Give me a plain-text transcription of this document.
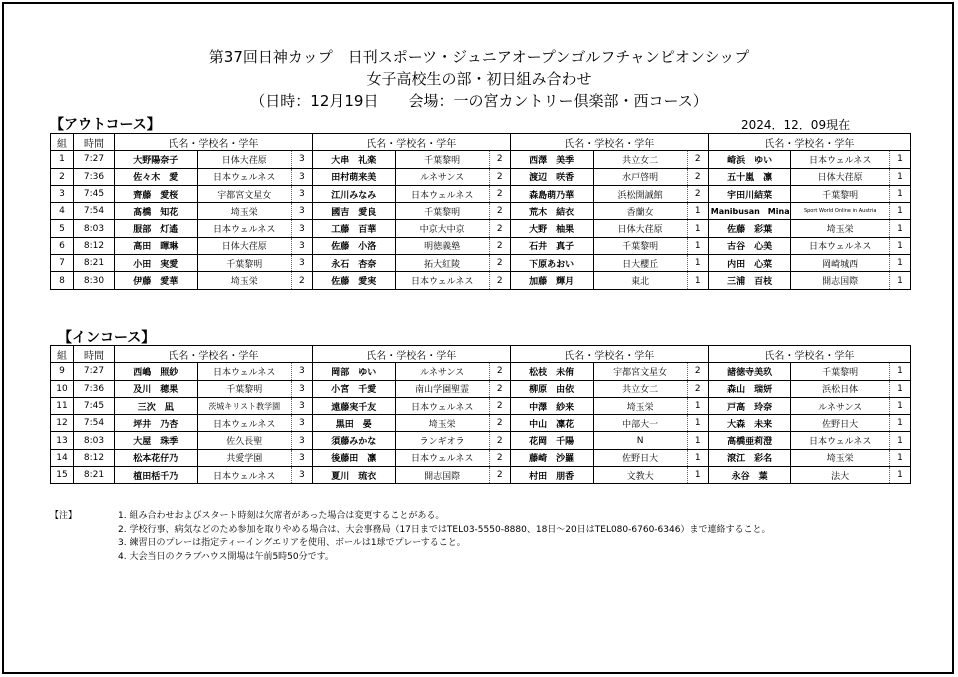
第37回日神カップ　日刊スポーツ・ジュニアオープンゴルフチャンピオンシップ
女子高校生の部・初日組み合わせ
（日時：12月19日　　会場：一の宮カントリー倶楽部・西コース）
【アウトコース】	2024．12．09現在
組	時間	氏名・学校名・学年			氏名・学校名・学年			氏名・学校名・学年			氏名・学校名・学年		
1	7:27	大野陽奈子	日体大荏原	3	大串　礼楽	千葉黎明	2	西澤　美季	共立女二	2	崎浜　ゆい	日本ウェルネス	1
2	7:36	佐々木　愛	日本ウェルネス	3	田村萌来美	ルネサンス	2	渡辺　咲香	水戸啓明	2	五十嵐　凛	日体大荏原	1
3	7:45	齊藤　愛桜	宇都宮文星女	3	江川みなみ	日本ウェルネス	2	森島萌乃華	浜松開誠館	2	宇田川結菜	千葉黎明	1
4	7:54	髙橋　知花	埼玉栄	3	國吉　愛良	千葉黎明	2	荒木　結衣	香蘭女	1	Manibusan　Mina	Sport World Online in Austria	1
5	8:03	服部　灯遙	日本ウェルネス	3	工藤　百華	中京大中京	2	大野　柚果	日体大荏原	1	佐藤　彩葉	埼玉栄	1
6	8:12	高田　暉琳	日体大荏原	3	佐藤　小洛	明徳義塾	2	石井　真子	千葉黎明	1	古谷　心美	日本ウェルネス	1
7	8:21	小田　実愛	千葉黎明	3	永石　杏奈	拓大紅陵	2	下原あおい	日大櫻丘	1	内田　心菜	岡崎城西	1
8	8:30	伊藤　愛華	埼玉栄	2	佐藤　愛実	日本ウェルネス	2	加藤　輝月	東北	1	三浦　百枝	開志国際	1
【インコース】
組	時間	氏名・学校名・学年			氏名・学校名・学年			氏名・学校名・学年			氏名・学校名・学年		
9	7:27	西嶋　照紗	日本ウェルネス	3	岡部　ゆい	ルネサンス	2	松枝　未侑	宇都宮文星女	2	諸徳寺美玖	千葉黎明	1
10	7:36	及川　穂果	千葉黎明	3	小宮　千愛	南山学園聖霊	2	柳原　由依	共立女二	2	森山　瑞妍	浜松日体	1
11	7:45	三次　凪	茨城キリスト教学園	3	遠藤実千友	日本ウェルネス	2	中澤　紗来	埼玉栄	1	戸高　玲奈	ルネサンス	1
12	7:54	坪井　乃杏	日本ウェルネス	3	黒田　晏	埼玉栄	2	中山　凜花	中部大一	1	大森　未来	佐野日大	1
13	8:03	大屋　珠季	佐久長聖	3	須藤みかな	ランギオラ	2	花岡　千陽	N	1	高橋亜莉澄	日本ウェルネス	1
14	8:12	松本花仔乃	共愛学園	3	後藤田　凛	日本ウェルネス	2	藤崎　沙羅	佐野日大	1	滾江　彩名	埼玉栄	1
15	8:21	植田栝千乃	日本ウェルネス	3	夏川　琉衣	開志国際	2	村田　朋香	文教大	1	永谷　葉	法大	1
【注】	1. 組み合わせおよびスタート時刻は欠席者があった場合は変更することがある。
2. 学校行事、病気などのため参加を取りやめる場合は、大会事務局（17日まではTEL03-5550-8880、18日～20日はTEL080-6760-6346）まで連絡すること。
3. 練習日のプレーは指定ティーイングエリアを使用、ボールは1球でプレーすること。
4. 大会当日のクラブハウス開場は午前5時50分です。
